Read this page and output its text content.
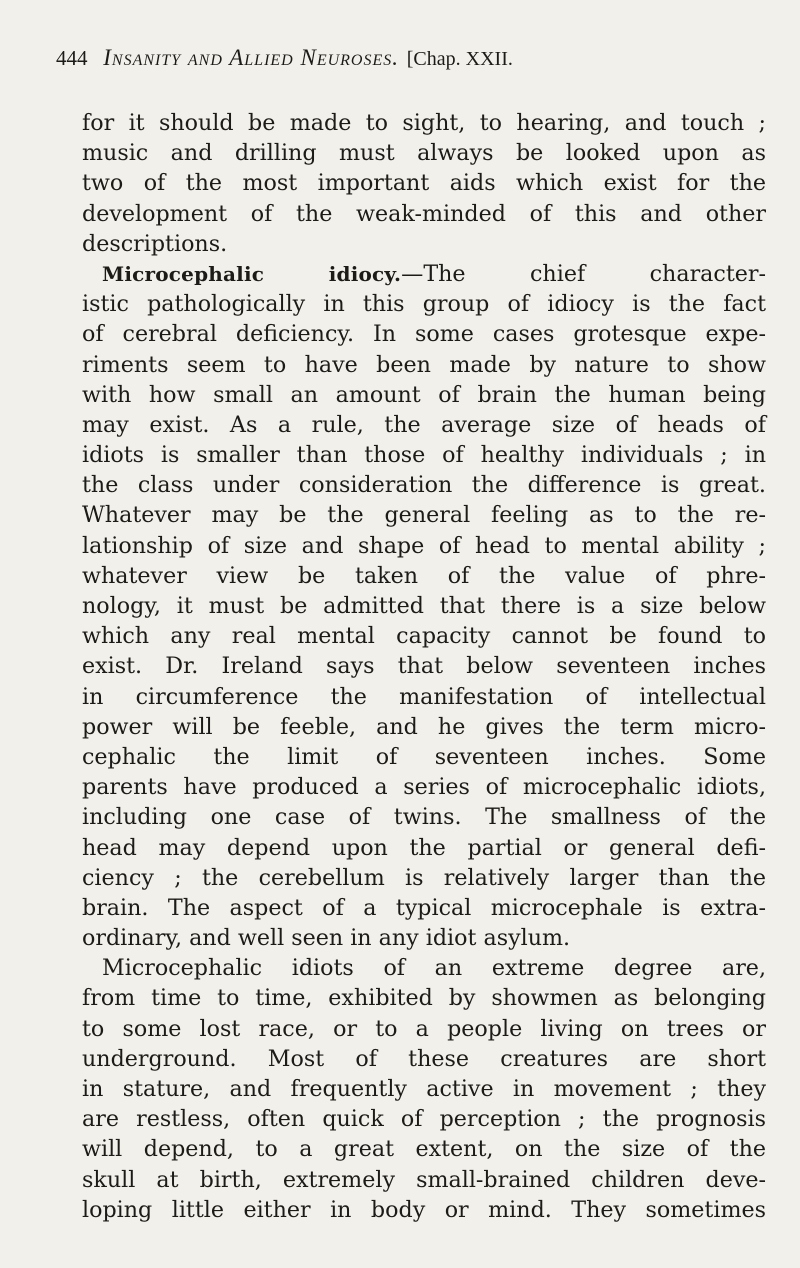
444 Insanity and Allied Neuroses. [Chap. XXII.
for it should be made to sight, to hearing, and touch ;
music and drilling must always be looked upon as
two of the most important aids which exist for the
development of the weak-minded of this and other
descriptions.
Microcephalic idiocy.—The chief character-
istic pathologically in this group of idiocy is the fact
of cerebral deficiency. In some cases grotesque expe-
riments seem to have been made by nature to show
with how small an amount of brain the human being
may exist. As a rule, the average size of heads of
idiots is smaller than those of healthy individuals ; in
the class under consideration the difference is great.
Whatever may be the general feeling as to the re-
lationship of size and shape of head to mental ability ;
whatever view be taken of the value of phre-
nology, it must be admitted that there is a size below
which any real mental capacity cannot be found to
exist. Dr. Ireland says that below seventeen inches
in circumference the manifestation of intellectual
power will be feeble, and he gives the term micro-
cephalic the limit of seventeen inches. Some
parents have produced a series of microcephalic idiots,
including one case of twins. The smallness of the
head may depend upon the partial or general defi-
ciency ; the cerebellum is relatively larger than the
brain. The aspect of a typical microcephale is extra-
ordinary, and well seen in any idiot asylum.
Microcephalic idiots of an extreme degree are,
from time to time, exhibited by showmen as belonging
to some lost race, or to a people living on trees or
underground. Most of these creatures are short
in stature, and frequently active in movement ; they
are restless, often quick of perception ; the prognosis
will depend, to a great extent, on the size of the
skull at birth, extremely small-brained children deve-
loping little either in body or mind. They sometimes
